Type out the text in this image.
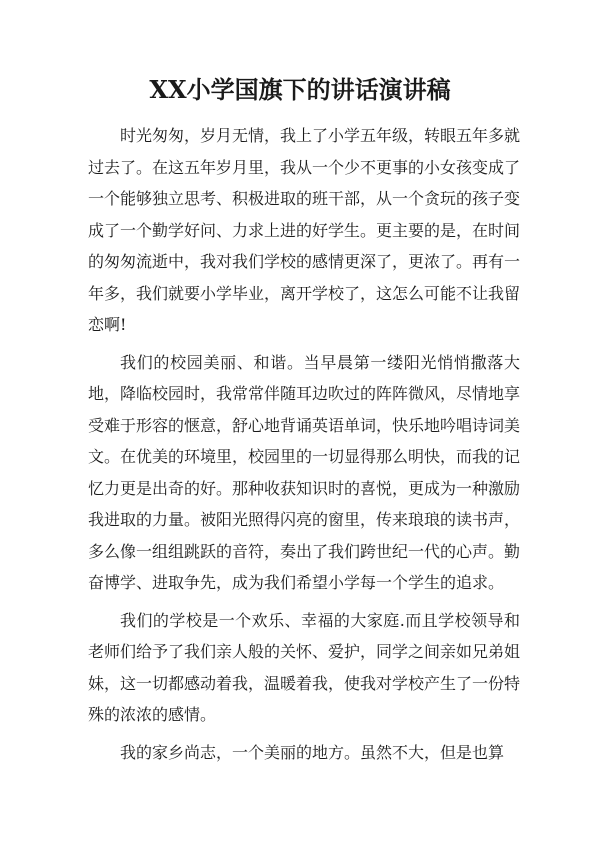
XX小学国旗下的讲话演讲稿

时光匆匆，岁月无情，我上了小学五年级，转眼五年多就过去了。在这五年岁月里，我从一个少不更事的小女孩变成了一个能够独立思考、积极进取的班干部，从一个贪玩的孩子变成了一个勤学好问、力求上进的好学生。更主要的是，在时间的匆匆流逝中，我对我们学校的感情更深了，更浓了。再有一年多，我们就要小学毕业，离开学校了，这怎么可能不让我留恋啊!

我们的校园美丽、和谐。当早晨第一缕阳光悄悄撒落大地，降临校园时，我常常伴随耳边吹过的阵阵微风，尽情地享受难于形容的惬意，舒心地背诵英语单词，快乐地吟唱诗词美文。在优美的环境里，校园里的一切显得那么明快，而我的记忆力更是出奇的好。那种收获知识时的喜悦，更成为一种激励我进取的力量。被阳光照得闪亮的窗里，传来琅琅的读书声，多么像一组组跳跃的音符，奏出了我们跨世纪一代的心声。勤奋博学、进取争先，成为我们希望小学每一个学生的追求。

我们的学校是一个欢乐、幸福的大家庭.而且学校领导和老师们给予了我们亲人般的关怀、爱护，同学之间亲如兄弟姐妹，这一切都感动着我，温暖着我，使我对学校产生了一份特殊的浓浓的感情。

我的家乡尚志，一个美丽的地方。虽然不大，但是也算
